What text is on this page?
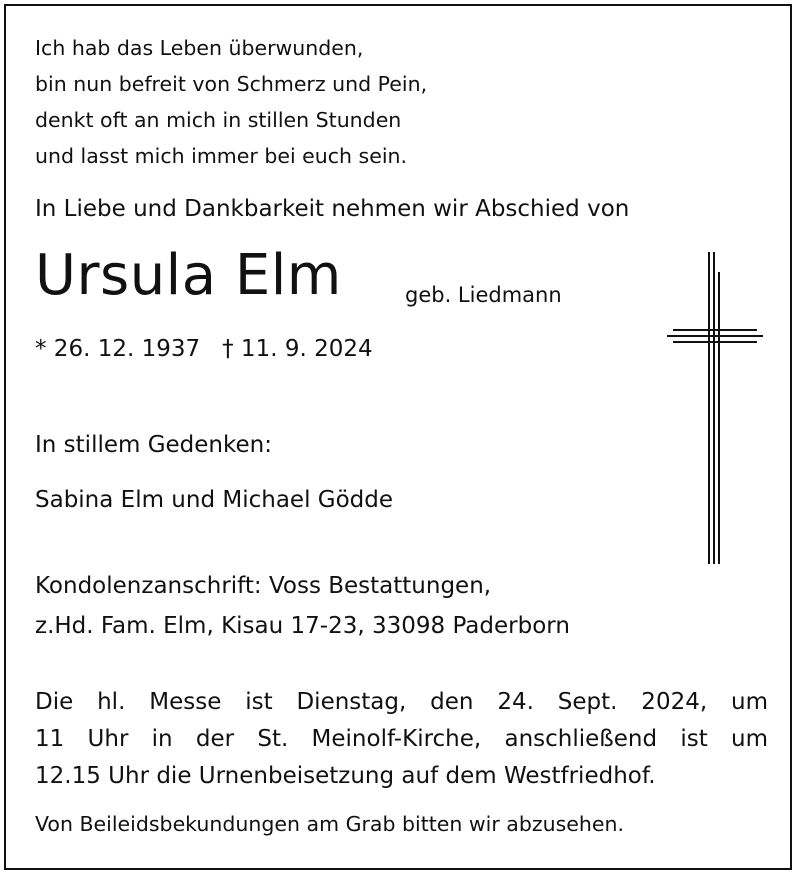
Ich hab das Leben überwunden,
bin nun befreit von Schmerz und Pein,
denkt oft an mich in stillen Stunden
und lasst mich immer bei euch sein.
In Liebe und Dankbarkeit nehmen wir Abschied von
Ursula Elm	geb. Liedmann
* 26. 12. 1937 † 11. 9. 2024
In stillem Gedenken:
Sabina Elm und Michael Gödde
Kondolenzanschrift: Voss Bestattungen,
z.Hd. Fam. Elm, Kisau 17-23, 33098 Paderborn
Die hl. Messe ist Dienstag, den 24. Sept. 2024, um
11 Uhr in der St. Meinolf-Kirche, anschließend ist um
12.15 Uhr die Urnenbeisetzung auf dem Westfriedhof.
Von Beileidsbekundungen am Grab bitten wir abzusehen.
